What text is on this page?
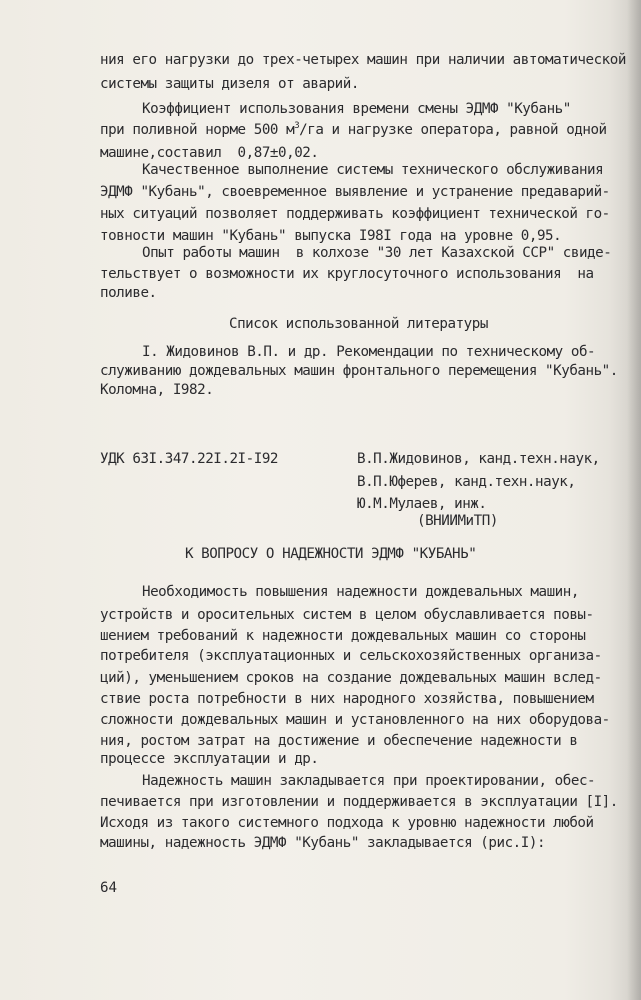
ния его нагрузки до трех-четырех машин при наличии автоматической
системы защиты дизеля от аварий.
Коэффициент использования времени смены ЭДМФ "Кубань"
при поливной норме 500 $м^3/га$ и нагрузке оператора, равной одной
машине,составил  0,87±0,02.
Качественное выполнение системы технического обслуживания
ЭДМФ "Кубань", своевременное выявление и устранение предаварий-
ных ситуаций позволяет поддерживать коэффициент технической го-
товности машин "Кубань" выпуска I98I года на уровне 0,95.
Опыт работы машин  в колхозе "30 лет Казахской ССР" свиде-
тельствует о возможности их круглосуточного использования  на
поливе.
Список использованной литературы
I. Жидовинов В.П. и др. Рекомендации по техническому об-
служиванию дождевальных машин фронтального перемещения "Кубань".
Коломна, I982.
УДК 63I.347.22I.2I-I92	В.П.Жидовинов, канд.техн.наук,
В.П.Юферев, канд.техн.наук,
Ю.М.Мулаев, инж.
(ВНИИМиТП)
К ВОПРОСУ О НАДЕЖНОСТИ ЭДМФ "КУБАНЬ"
Необходимость повышения надежности дождевальных машин,
устройств и оросительных систем в целом обуславливается повы-
шением требований к надежности дождевальных машин со стороны
потребителя (эксплуатационных и сельскохозяйственных организа-
ций), уменьшением сроков на создание дождевальных машин вслед-
ствие роста потребности в них народного хозяйства, повышением
сложности дождевальных машин и установленного на них оборудова-
ния, ростом затрат на достижение и обеспечение надежности в
процессе эксплуатации и др.
Надежность машин закладывается при проектировании, обес-
печивается при изготовлении и поддерживается в эксплуатации [I].
Исходя из такого системного подхода к уровню надежности любой
машины, надежность ЭДМФ "Кубань" закладывается (рис.I):
64
